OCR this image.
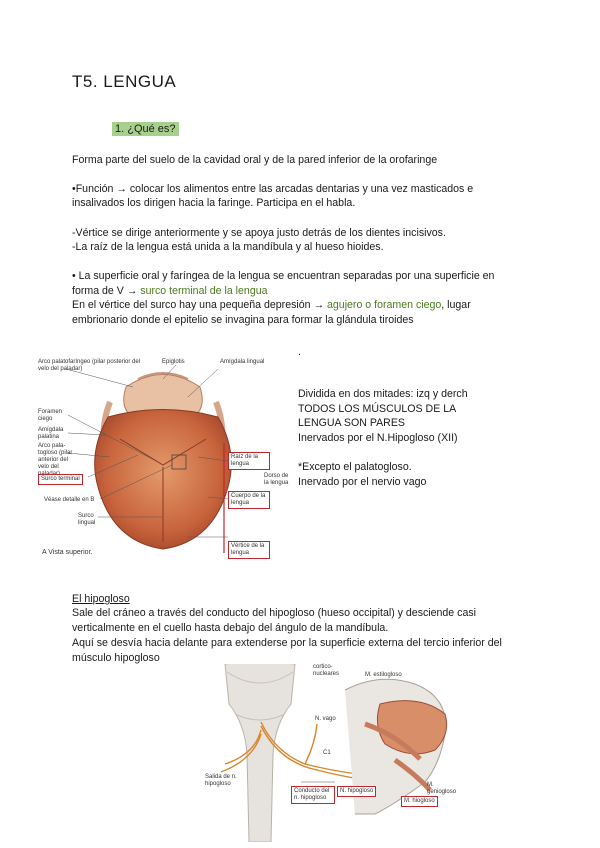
T5. LENGUA
1. ¿Qué es?
Forma parte del suelo de la cavidad oral y de la pared inferior de la orofaringe
•Función → colocar los alimentos entre las arcadas dentarias y una vez masticados e
insalivados los dirigen hacia la faringe. Participa en el habla.
-Vértice se dirige anteriormente y se apoya justo detrás de los dientes incisivos.
-La raíz de la lengua está unida a la mandíbula y al hueso hioides.
• La superficie oral y faríngea de la lengua se encuentran separadas por una superficie en
forma de V → surco terminal de la lengua
En el vértice del surco hay una pequeña depresión → agujero o foramen ciego, lugar
embrionario donde el epitelio se invagina para formar la glándula tiroides
.
Arco palatofaríngeo (pilar posterior del velo del paladar)
Epiglotis	Amígdala lingual
Foramen ciego
Amígdala palatina
Arco pala-togloso (pilar anterior del velo del
Surco terminal
Véase detalle en B
Surco lingual
Raíz de la lengua
Dorso de la lengua
Cuerpo de la lengua
Vértice de la lengua
A Vista superior.
Dividida en dos mitades: izq y derch
TODOS LOS MÚSCULOS DE LA
LENGUA SON PARES
Inervados por el N.Hipogloso (XII)
*Excepto el palatogloso.
Inervado por el nervio vago
El hipogloso
Sale del cráneo a través del conducto del hipogloso (hueso occipital) y desciende casi
verticalmente en el cuello hasta debajo del ángulo de la mandíbula.
Aquí se desvía hacia delante para extenderse por la superficie externa del tercio inferior del
músculo hipogloso
cortico-nucleares	M. estilogloso
N. vago
C1
Salida de n. hipogloso
Conducto del n. hipogloso
N. hipogloso
M. hiogloso
M. geniogloso
